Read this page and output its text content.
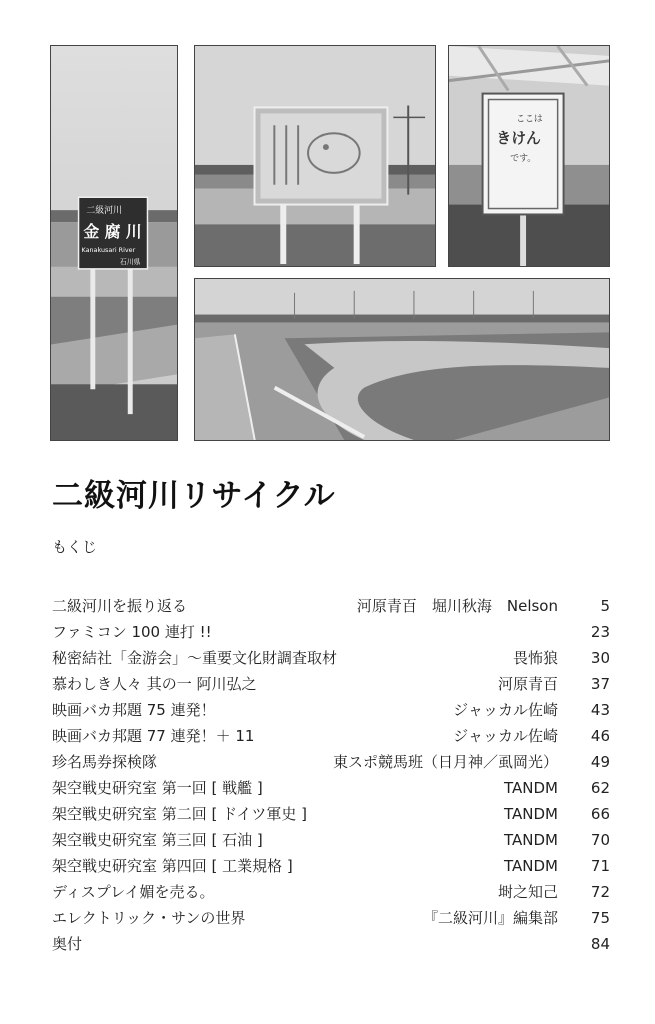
二級河川
金 腐 川
Kanakusari River
石川県
ここは
きけん
です。
二級河川リサイクル

もくじ

二級河川を振り返る	河原青百　堀川秋海　Nelson	5
ファミコン 100 連打 !!	23
秘密結社「金游会」〜重要文化財調査取材	畏怖狼	30
慕わしき人々 其の一 阿川弘之	河原青百	37
映画バカ邦題 75 連発！	ジャッカル佐崎	43
映画バカ邦題 77 連発！＋ 11	ジャッカル佐崎	46
珍名馬券探検隊	東スポ競馬班（日月神／虱岡光）	49
架空戦史研究室 第一回 [ 戦艦 ]	TANDM	62
架空戦史研究室 第二回 [ ドイツ軍史 ]	TANDM	66
架空戦史研究室 第三回 [ 石油 ]	TANDM	70
架空戦史研究室 第四回 [ 工業規格 ]	TANDM	71
ディスプレイ媚を売る。	埘之知己	72
エレクトリック・サンの世界	『二級河川』編集部	75
奥付	84
